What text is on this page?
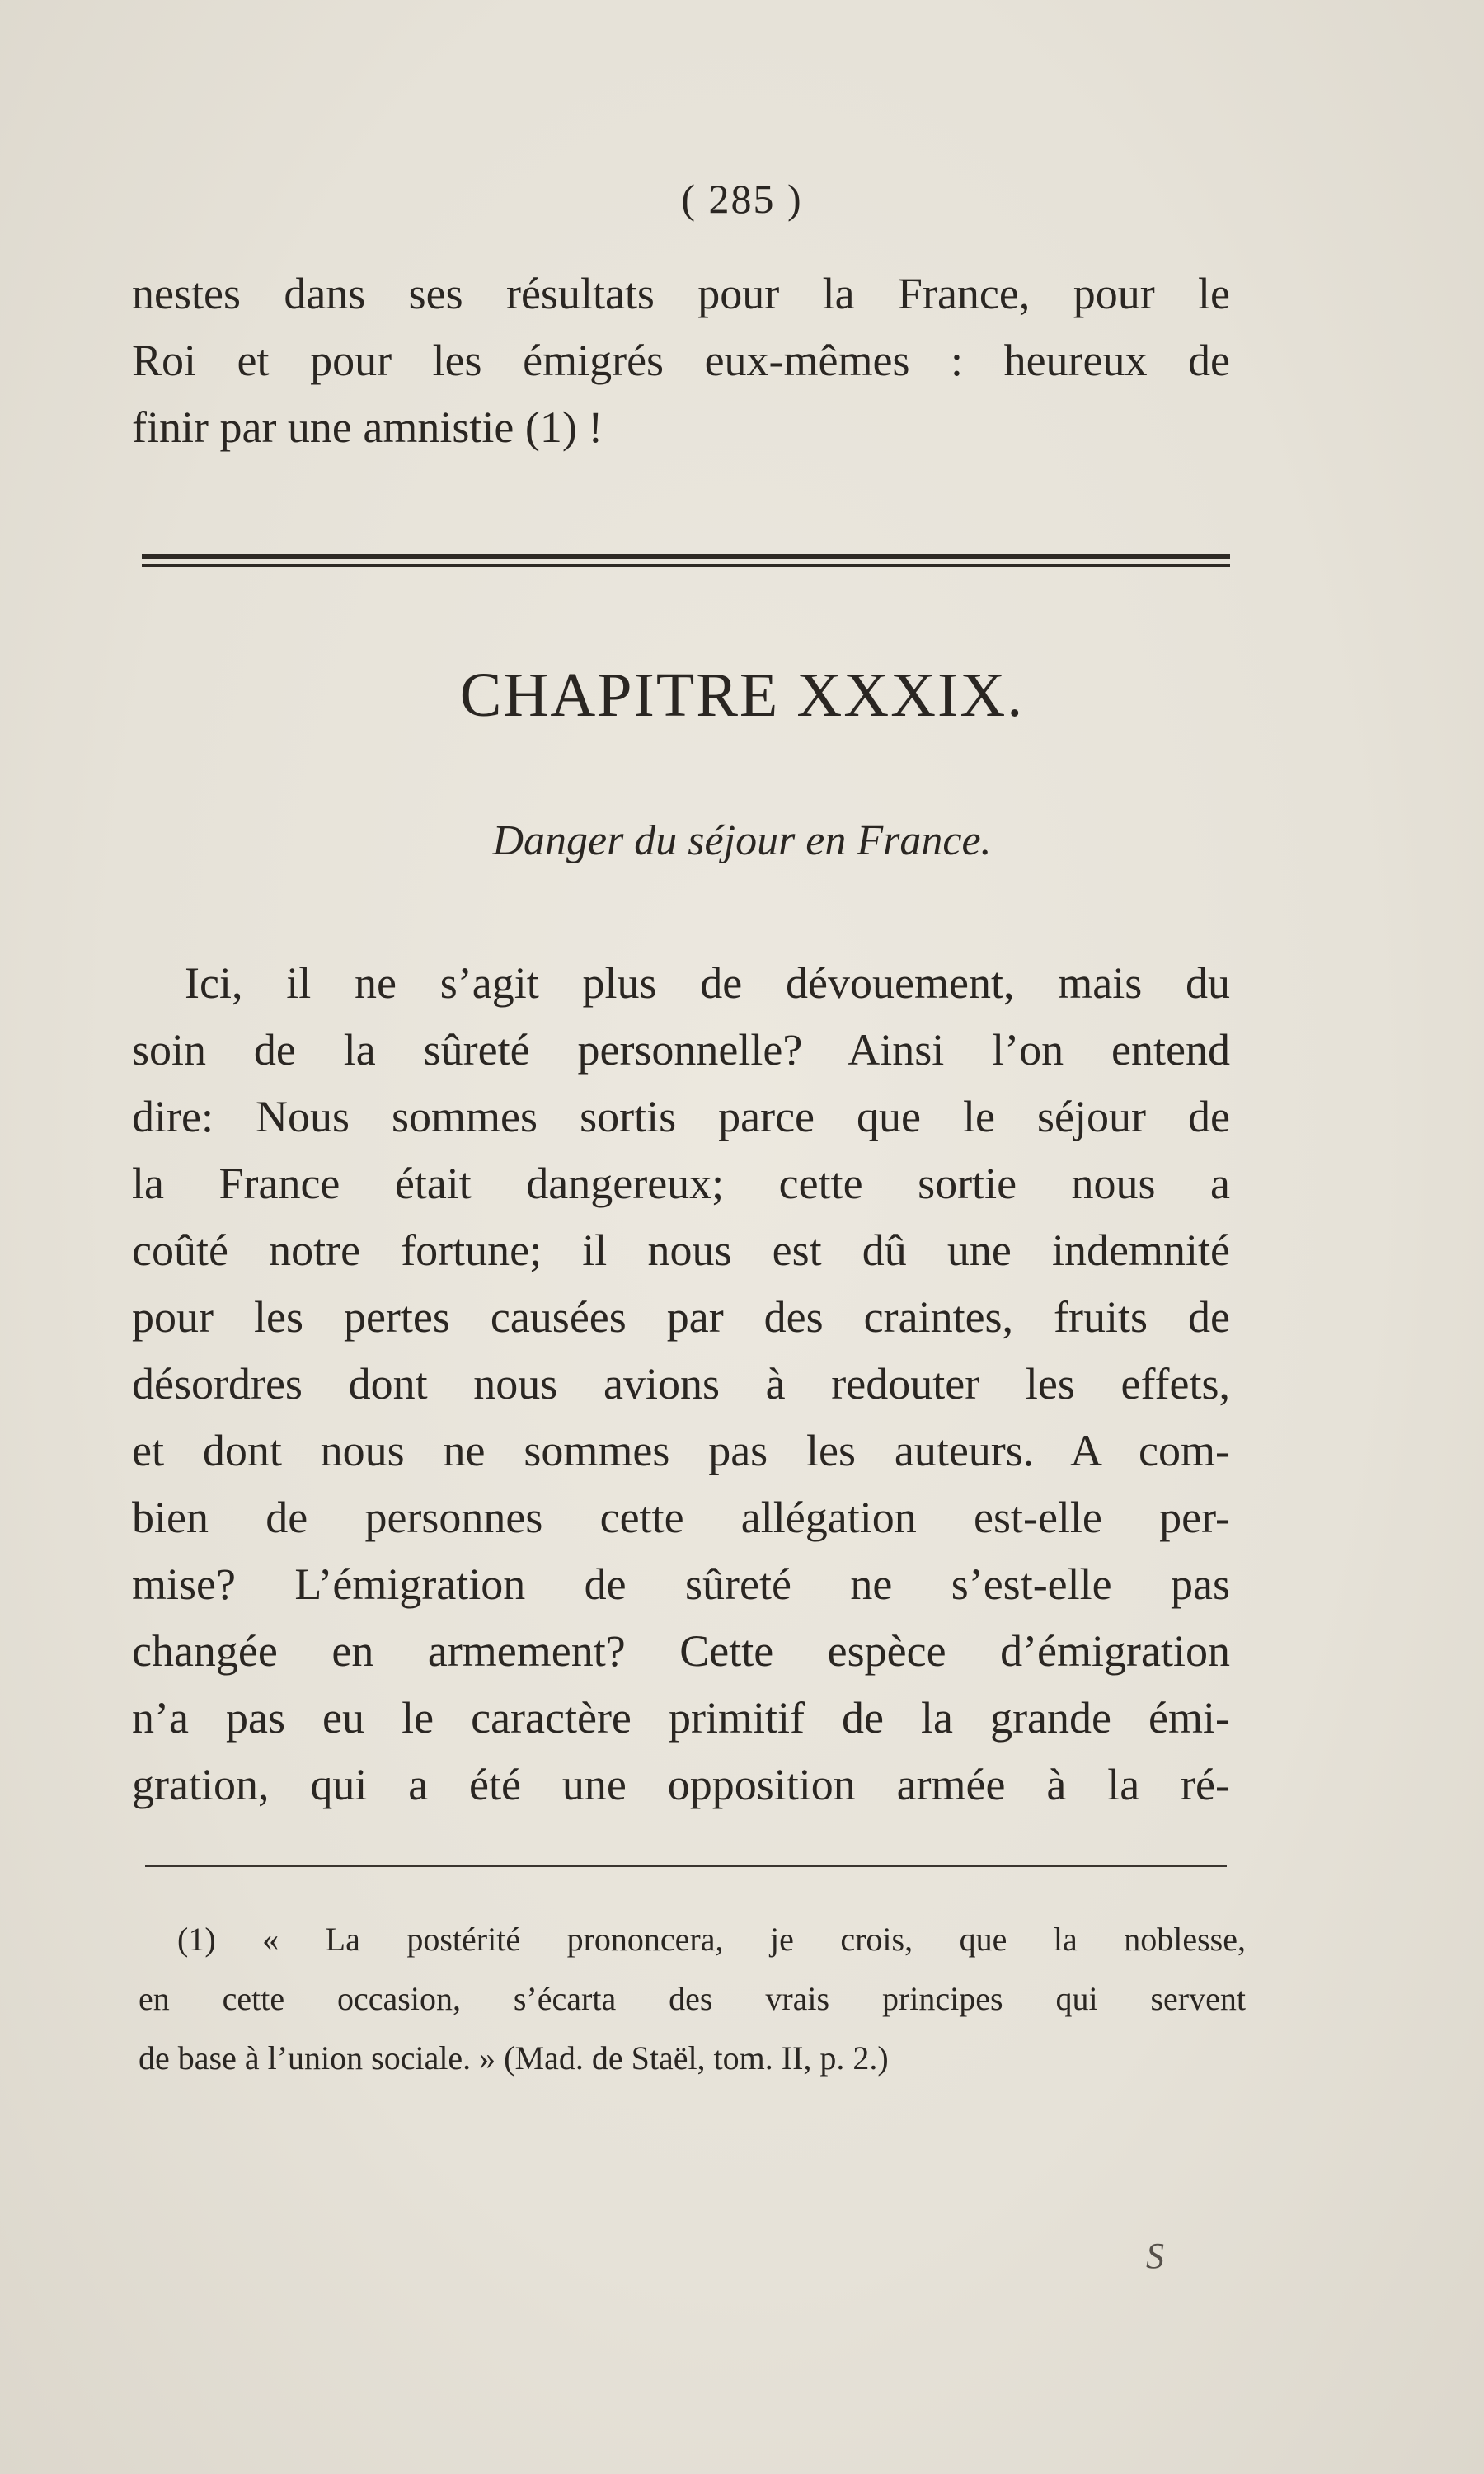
( 285 )
nestes dans ses résultats pour la France, pour le
Roi et pour les émigrés eux-mêmes : heureux de
finir par une amnistie (1) !
CHAPITRE XXXIX.
Danger du séjour en France.
Ici, il ne s’agit plus de dévouement, mais du
soin de la sûreté personnelle? Ainsi l’on entend
dire: Nous sommes sortis parce que le séjour de
la France était dangereux; cette sortie nous a
coûté notre fortune; il nous est dû une indemnité
pour les pertes causées par des craintes, fruits de
désordres dont nous avions à redouter les effets,
et dont nous ne sommes pas les auteurs. A com-
bien de personnes cette allégation est-elle per-
mise? L’émigration de sûreté ne s’est-elle pas
changée en armement? Cette espèce d’émigration
n’a pas eu le caractère primitif de la grande émi-
gration, qui a été une opposition armée à la ré-
(1) « La postérité prononcera, je crois, que la noblesse,
en cette occasion, s’écarta des vrais principes qui servent
de base à l’union sociale. » (Mad. de Staël, tom. II, p. 2.)
S
